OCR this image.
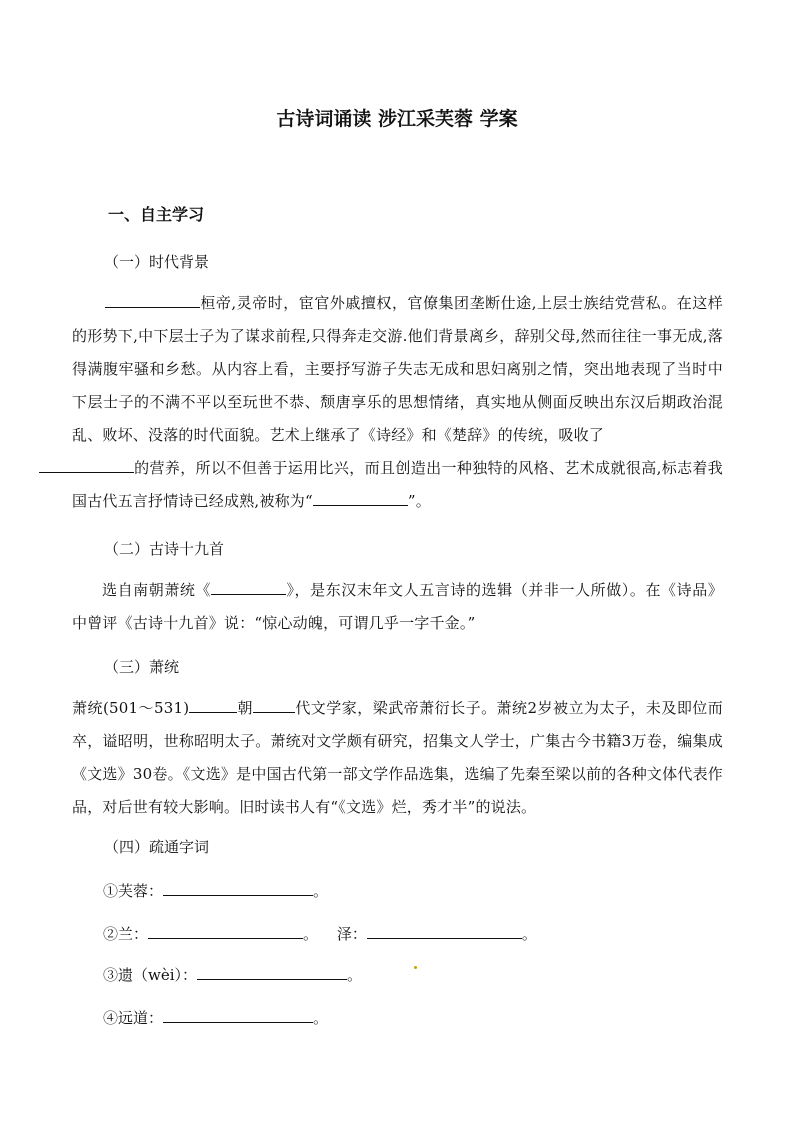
古诗词诵读 涉江采芙蓉 学案
一、自主学习
（一）时代背景
桓帝,灵帝时，宦官外戚擅权，官僚集团垄断仕途,上层士族结党营私。在这样的形势下,中下层士子为了谋求前程,只得奔走交游.他们背景离乡，辞别父母,然而往往一事无成,落得满腹牢骚和乡愁。从内容上看，主要抒写游子失志无成和思妇离别之情，突出地表现了当时中下层士子的不满不平以至玩世不恭、颓唐享乐的思想情绪，真实地从侧面反映出东汉后期政治混乱、败坏、没落的时代面貌。艺术上继承了《诗经》和《楚辞》的传统，吸收了
的营养，所以不但善于运用比兴，而且创造出一种独特的风格、艺术成就很高,标志着我国古代五言抒情诗已经成熟,被称为“	”。
（二）古诗十九首
选自南朝萧统《	》，是东汉末年文人五言诗的选辑（并非一人所做）。在《诗品》中曾评《古诗十九首》说：“惊心动魄，可谓几乎一字千金。”
（三）萧统
萧统(501～531)	朝	代文学家，梁武帝萧衍长子。萧统2岁被立为太子，未及即位而卒，谥昭明，世称昭明太子。萧统对文学颇有研究，招集文人学士，广集古今书籍3万卷，编集成《文选》30卷。《文选》是中国古代第一部文学作品选集，选编了先秦至梁以前的各种文体代表作品，对后世有较大影响。旧时读书人有“《文选》烂，秀才半”的说法。
（四）疏通字词
①芙蓉：	。
②兰：	。 泽：	。
③遗（wèi）：	。
④远道：	。
